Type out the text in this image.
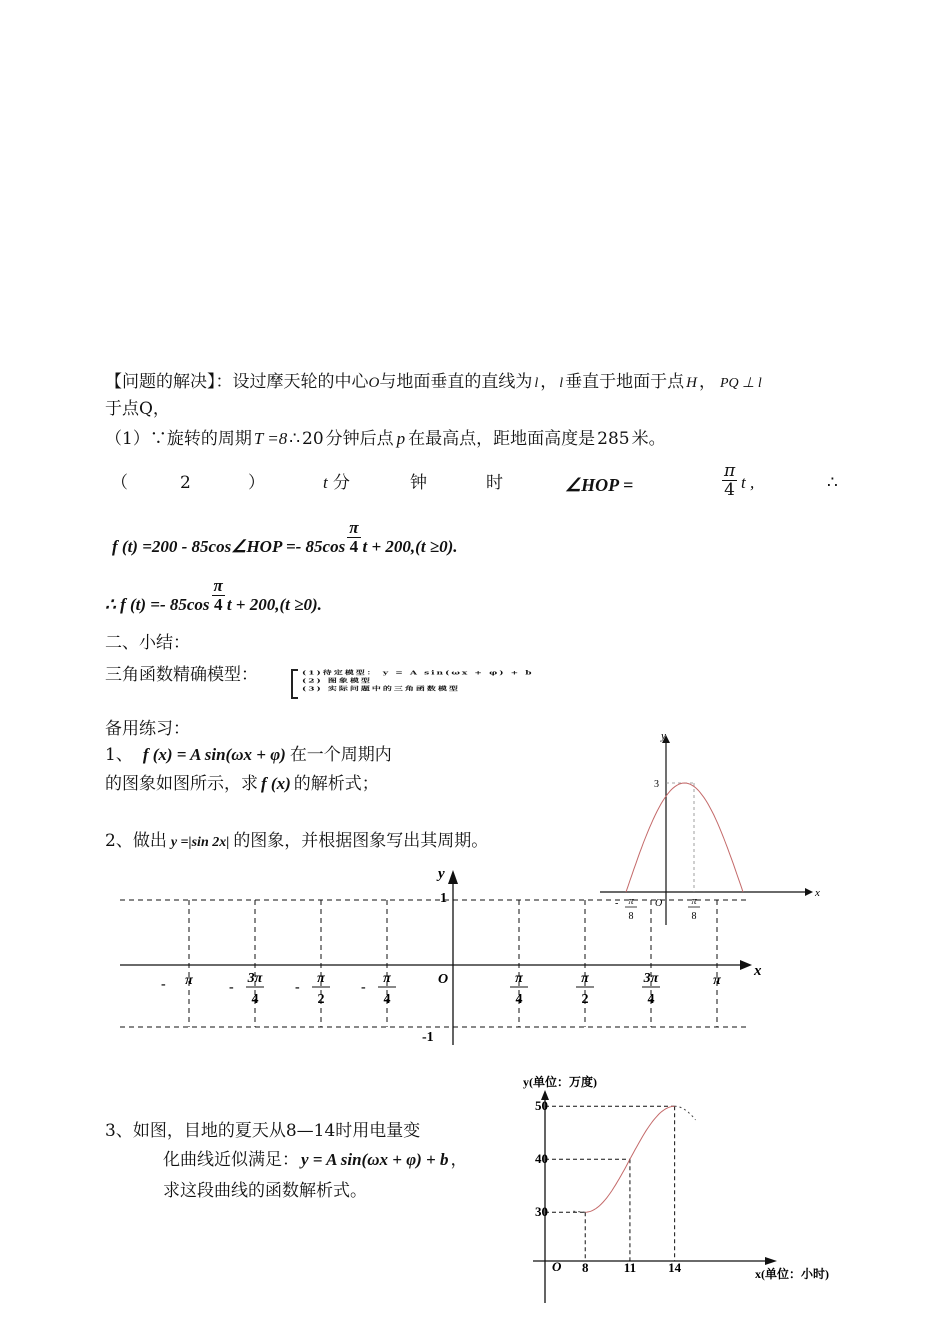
【问题的解决】：设过摩天轮的中心O与地面垂直的直线为 l ， l 垂直于地面于点 H ， PQ ⊥ l
于点Q，
（1）∵旋转的周期 T =8 ∴ 20 分钟后点 p 在最高点，距地面高度是 285 米。
（	2	）	t 分	钟	时	∠HOP =	$\frac{\pi}{4}$ t ,	∴
f (t) =200 - 85cos∠HOP =- $85\cos \frac{\pi}{4}$ t + 200,(t ≥0).
∴ f $(t) =- 85\cos \frac{\pi}{4}$ t + 200,(t ≥0).
二、小结：
三角函数精确模型：	(1)待定模型： y = A sin(ωx + φ) + b
(2) 图象模型
(3) 实际问题中的三角函数模型
备用练习：
1、 f (x) = A sin(ωx + φ) 在一个周期内
的图象如图所示，求 f (x) 的解析式；
2、做出 y =|sin 2x| 的图象，并根据图象写出其周期。
y
x
3
O
- π
8
π
8
y
x
1
-1
O
π
-	3π
4
-
π
2
-
π
4
-
π
4
π
2
3π
4
π
3、如图，目地的夏天从8—14时用电量变
化曲线近似满足： y = A sin(ωx + φ) + b ，
求这段曲线的函数解析式。
y(单位：万度)
x(单位：小时)
O 8	11 14
30
40
50
